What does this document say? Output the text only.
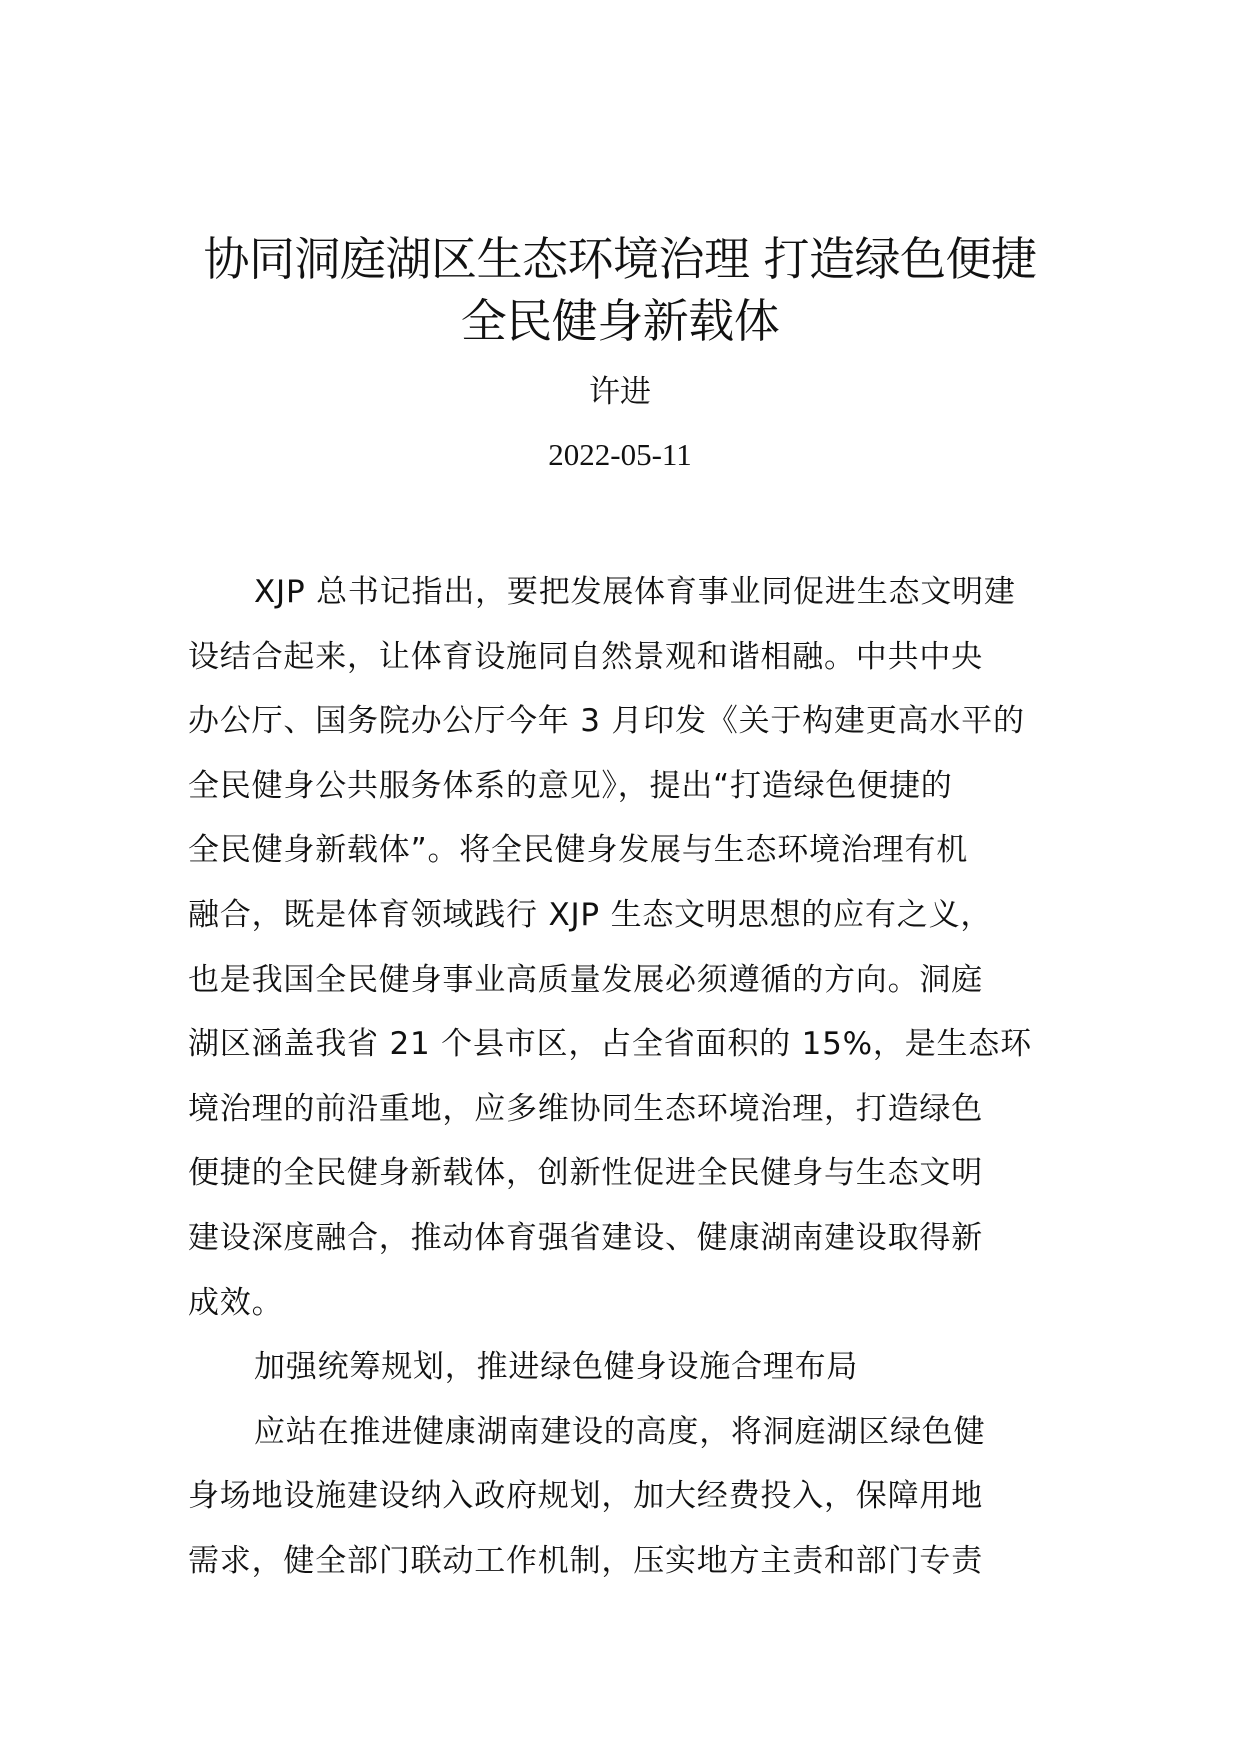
协同洞庭湖区生态环境治理 打造绿色便捷
全民健身新载体
许进
2022-05-11
XJP 总书记指出，要把发展体育事业同促进生态文明建
设结合起来，让体育设施同自然景观和谐相融。中共中央
办公厅、国务院办公厅今年 3 月印发《关于构建更高水平的
全民健身公共服务体系的意见》，提出“打造绿色便捷的
全民健身新载体”。将全民健身发展与生态环境治理有机
融合，既是体育领域践行 XJP 生态文明思想的应有之义，
也是我国全民健身事业高质量发展必须遵循的方向。洞庭
湖区涵盖我省 21 个县市区，占全省面积的 15%，是生态环
境治理的前沿重地，应多维协同生态环境治理，打造绿色
便捷的全民健身新载体，创新性促进全民健身与生态文明
建设深度融合，推动体育强省建设、健康湖南建设取得新
成效。
加强统筹规划，推进绿色健身设施合理布局
应站在推进健康湖南建设的高度，将洞庭湖区绿色健
身场地设施建设纳入政府规划，加大经费投入，保障用地
需求，健全部门联动工作机制，压实地方主责和部门专责
